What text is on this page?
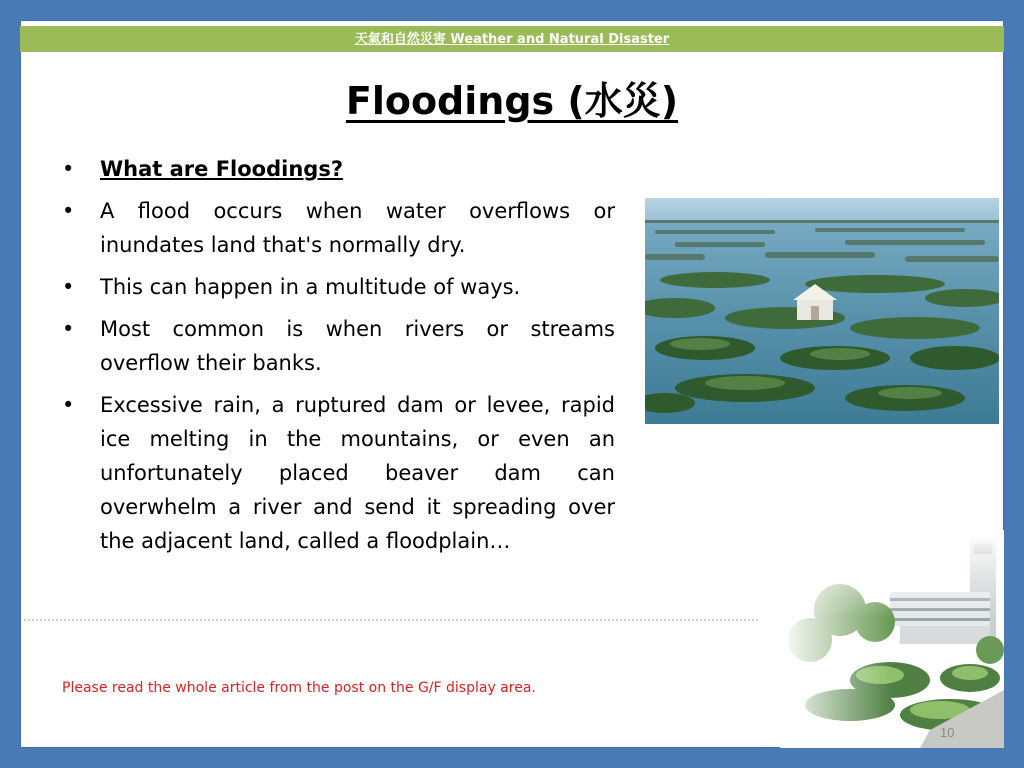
天氣和自然災害 Weather and Natural Disaster
Floodings (水災)
• What are Floodings?
• A flood occurs when water overflows or inundates land that's normally dry.
• This can happen in a multitude of ways.
• Most common is when rivers or streams overflow their banks.
• Excessive rain, a ruptured dam or levee, rapid ice melting in the mountains, or even an unfortunately placed beaver dam can overwhelm a river and send it spreading over the adjacent land, called a floodplain…
Please read the whole article from the post on the G/F display area.
10
